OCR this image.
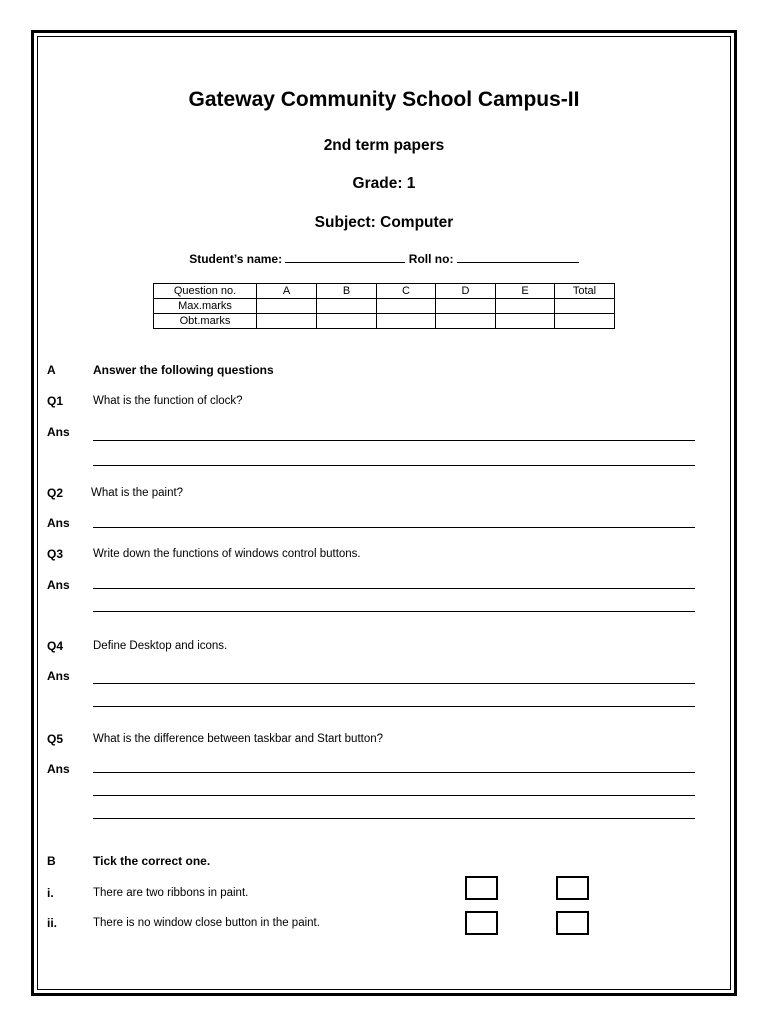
Gateway Community School Campus-II
2nd term papers
Grade: 1
Subject: Computer
Student’s name:	Roll no:
Question no.	A	B	C	D	E	Total
Max.marks						
Obt.marks						
A	Answer the following questions
Q1	What is the function of clock?
Ans
Q2 What is the paint?
Ans
Q3	Write down the functions of windows control buttons.
Ans
Q4	Define Desktop and icons.
Ans
Q5	What is the difference between taskbar and Start button?
Ans
B	Tick the correct one.
i.	There are two ribbons in paint.
ii.	There is no window close button in the paint.
